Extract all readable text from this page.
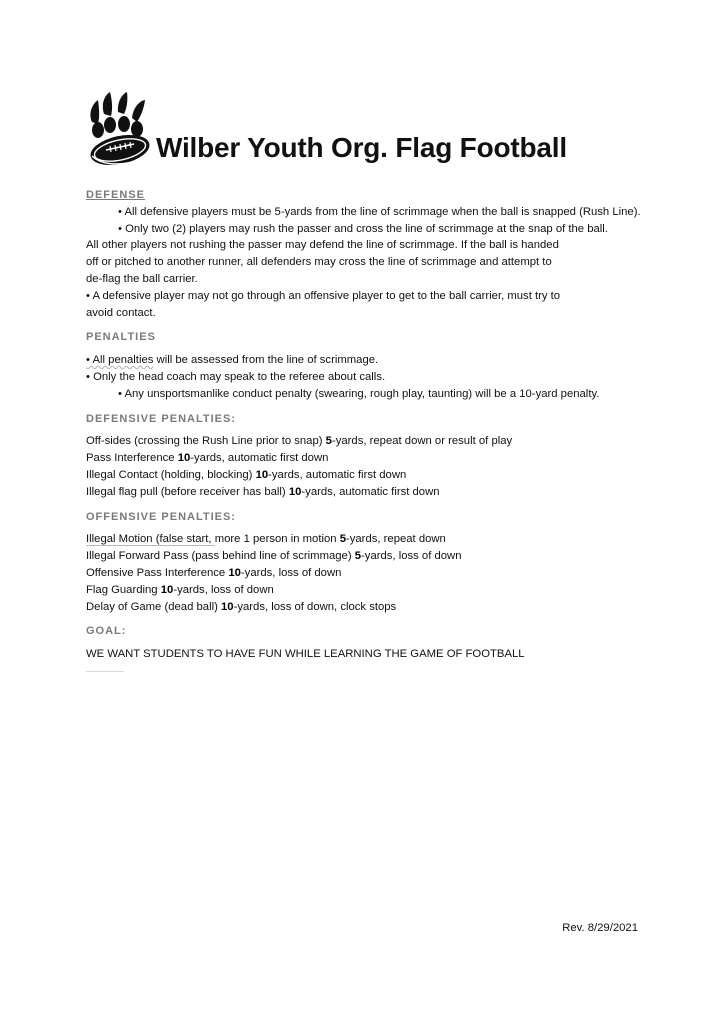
Wilber Youth Org. Flag Football

DEFENSE

• All defensive players must be 5-yards from the line of scrimmage when the ball is snapped (Rush Line).

• Only two (2) players may rush the passer and cross the line of scrimmage at the snap of the ball.

All other players not rushing the passer may defend the line of scrimmage. If the ball is handed

off or pitched to another runner, all defenders may cross the line of scrimmage and attempt to

de-flag the ball carrier.

• A defensive player may not go through an offensive player to get to the ball carrier, must try to

avoid contact.

PENALTIES

• All penalties will be assessed from the line of scrimmage.

• Only the head coach may speak to the referee about calls.

• Any unsportsmanlike conduct penalty (swearing, rough play, taunting) will be a 10-yard penalty.

DEFENSIVE PENALTIES:

Off-sides (crossing the Rush Line prior to snap) 5-yards, repeat down or result of play

Pass Interference 10-yards, automatic first down

Illegal Contact (holding, blocking) 10-yards, automatic first down

Illegal flag pull (before receiver has ball) 10-yards, automatic first down

OFFENSIVE PENALTIES:

Illegal Motion (false start, more 1 person in motion 5-yards, repeat down

Illegal Forward Pass (pass behind line of scrimmage) 5-yards, loss of down

Offensive Pass Interference 10-yards, loss of down

Flag Guarding 10-yards, loss of down

Delay of Game (dead ball) 10-yards, loss of down, clock stops

GOAL:

WE WANT STUDENTS TO HAVE FUN WHILE LEARNING THE GAME OF FOOTBALL

Rev. 8/29/2021
